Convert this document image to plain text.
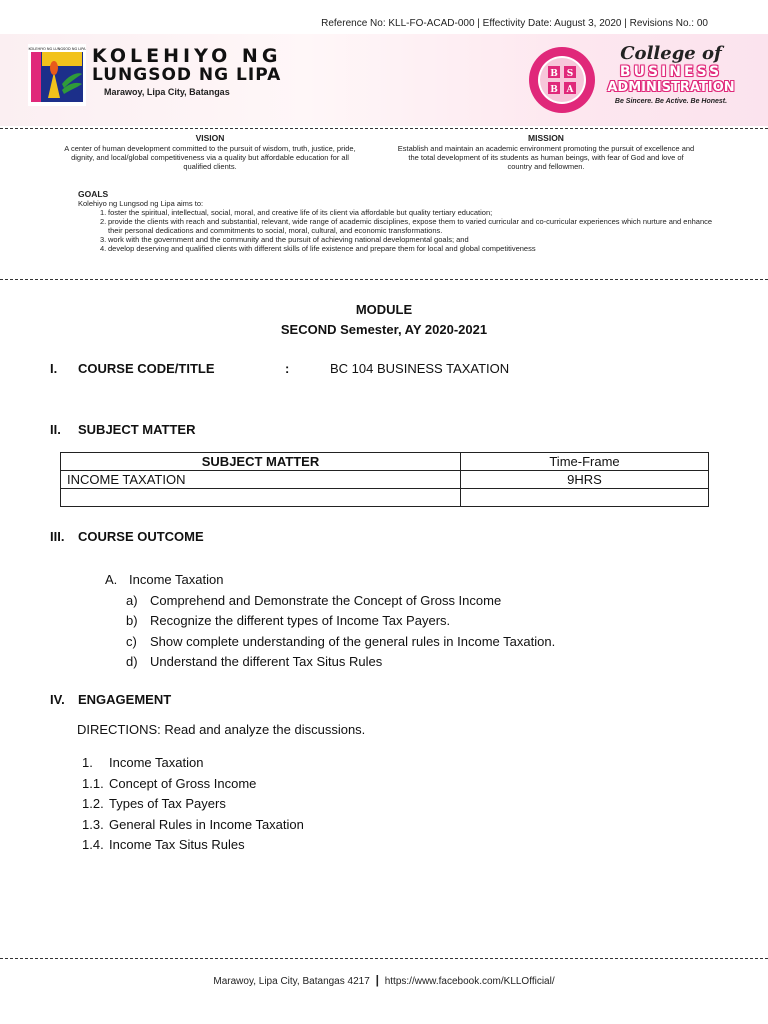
Reference No: KLL-FO-ACAD-000 | Effectivity Date: August 3, 2020 | Revisions No.: 00
KOLEHIYO NG LUNGSOD NG LIPA KOLEHIYO NG
LUNGSOD NG LIPA
Marawoy, Lipa City, Batangas
B S
B A
College of
BUSINESS
ADMINISTRATION
Be Sincere. Be Active. Be Honest.
VISION

A center of human development committed to the pursuit of wisdom, truth, justice, pride, dignity, and local/global competitiveness via a quality but affordable education for all qualified clients.

MISSION

Establish and maintain an academic environment promoting the pursuit of excellence and the total development of its students as human beings, with fear of God and love of country and fellowmen.

GOALS

Kolehiyo ng Lungsod ng Lipa aims to:

1. foster the spiritual, intellectual, social, moral, and creative life of its client via affordable but quality tertiary education;
2. provide the clients with reach and substantial, relevant, wide range of academic disciplines, expose them to varied curricular and co-curricular experiences which nurture and enhance their personal dedications and commitments to social, moral, cultural, and economic transformations.
3. work with the government and the community and the pursuit of achieving national developmental goals; and
4. develop deserving and qualified clients with different skills of life existence and prepare them for local and global competitiveness
MODULE
SECOND Semester, AY 2020-2021
I. COURSE CODE/TITLE	:	BC 104 BUSINESS TAXATION
II. SUBJECT MATTER
SUBJECT MATTER	Time-Frame
INCOME TAXATION	9HRS

III. COURSE OUTCOME
A. Income Taxation
a) Comprehend and Demonstrate the Concept of Gross Income
b) Recognize the different types of Income Tax Payers.
c) Show complete understanding of the general rules in Income Taxation.
d) Understand the different Tax Situs Rules
IV. ENGAGEMENT
DIRECTIONS: Read and analyze the discussions.
1. Income Taxation
1.1. Concept of Gross Income
1.2. Types of Tax Payers
1.3. General Rules in Income Taxation
1.4. Income Tax Situs Rules
Marawoy, Lipa City, Batangas 4217 | https://www.facebook.com/KLLOfficial/
